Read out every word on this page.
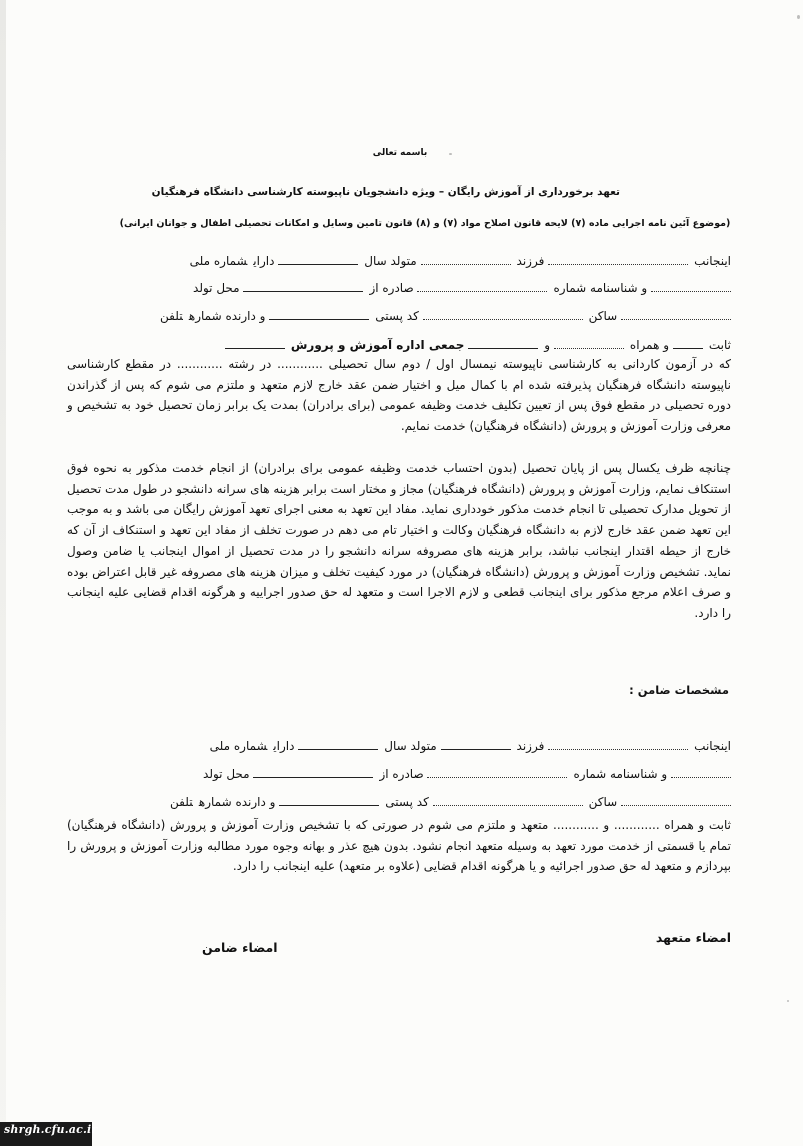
باسمه تعالی
تعهد برخورداری از آموزش رایگان – ویژه دانشجویان ناپیوسته کارشناسی دانشگاه فرهنگیان
(موضوع آئین نامه اجرایی ماده (۷) لایحه قانون اصلاح مواد (۷) و (۸) قانون تامین وسایل و امکانات تحصیلی اطفال و جوانان ایرانی)
اینجانب فرزند متولد سال دارایشماره ملی
و شناسنامه شماره صادره از محل تولد
ساکن کد پستی و دارنده شمارهتلفن
ثابت و همراه و جمعی اداره آموزش و پرورش
که در آزمون کاردانی به کارشناسی ناپیوسته نیمسال اول / دوم سال تحصیلی ............ در رشته ............ در مقطع کارشناسی ناپیوسته دانشگاه فرهنگیان پذیرفته شده ام با کمال میل و اختیار ضمن عقد خارج لازم متعهد و ملتزم می شوم که پس از گذراندن دوره تحصیلی در مقطع فوق پس از تعیین تکلیف خدمت وظیفه عمومی (برای برادران) بمدت یک برابر زمان تحصیل خود به تشخیص و معرفی وزارت آموزش و پرورش (دانشگاه فرهنگیان) خدمت نمایم.
چنانچه ظرف یکسال پس از پایان تحصیل (بدون احتساب خدمت وظیفه عمومی برای برادران) از انجام خدمت مذکور به نحوه فوق استنکاف نمایم، وزارت آموزش و پرورش (دانشگاه فرهنگیان) مجاز و مختار است برابر هزینه های سرانه دانشجو در طول مدت تحصیل از تحویل مدارک تحصیلی تا انجام خدمت مذکور خودداری نماید. مفاد این تعهد به معنی اجرای تعهد آموزش رایگان می باشد و به موجب این تعهد ضمن عقد خارج لازم به دانشگاه فرهنگیان وکالت و اختیار تام می دهم در صورت تخلف از مفاد این تعهد و استنکاف از آن که خارج از حیطه اقتدار اینجانب نباشد، برابر هزینه های مصروفه سرانه دانشجو را در مدت تحصیل از اموال اینجانب یا ضامن وصول نماید. تشخیص وزارت آموزش و پرورش (دانشگاه فرهنگیان) در مورد کیفیت تخلف و میزان هزینه های مصروفه غیر قابل اعتراض بوده و صرف اعلام مرجع مذکور برای اینجانب قطعی و لازم الاجرا است و متعهد له حق صدور اجراییه و هرگونه اقدام قضایی علیه اینجانب را دارد.
مشخصات ضامن :
اینجانب فرزند متولد سال دارایشماره ملی
و شناسنامه شماره صادره از محل تولد
ساکن کد پستی و دارنده شمارهتلفن
ثابت و همراه ............ و ............ متعهد و ملتزم می شوم در صورتی که با تشخیص وزارت آموزش و پرورش (دانشگاه فرهنگیان) تمام یا قسمتی از خدمت مورد تعهد به وسیله متعهد انجام نشود. بدون هیچ عذر و بهانه وجوه مورد مطالبه وزارت آموزش و پرورش را بپردازم و متعهد له حق صدور اجرائیه و یا هرگونه اقدام قضایی (علاوه بر متعهد) علیه اینجانب را دارد.
امضاء متعهد
امضاء ضامن
shrgh.cfu.ac.ir
